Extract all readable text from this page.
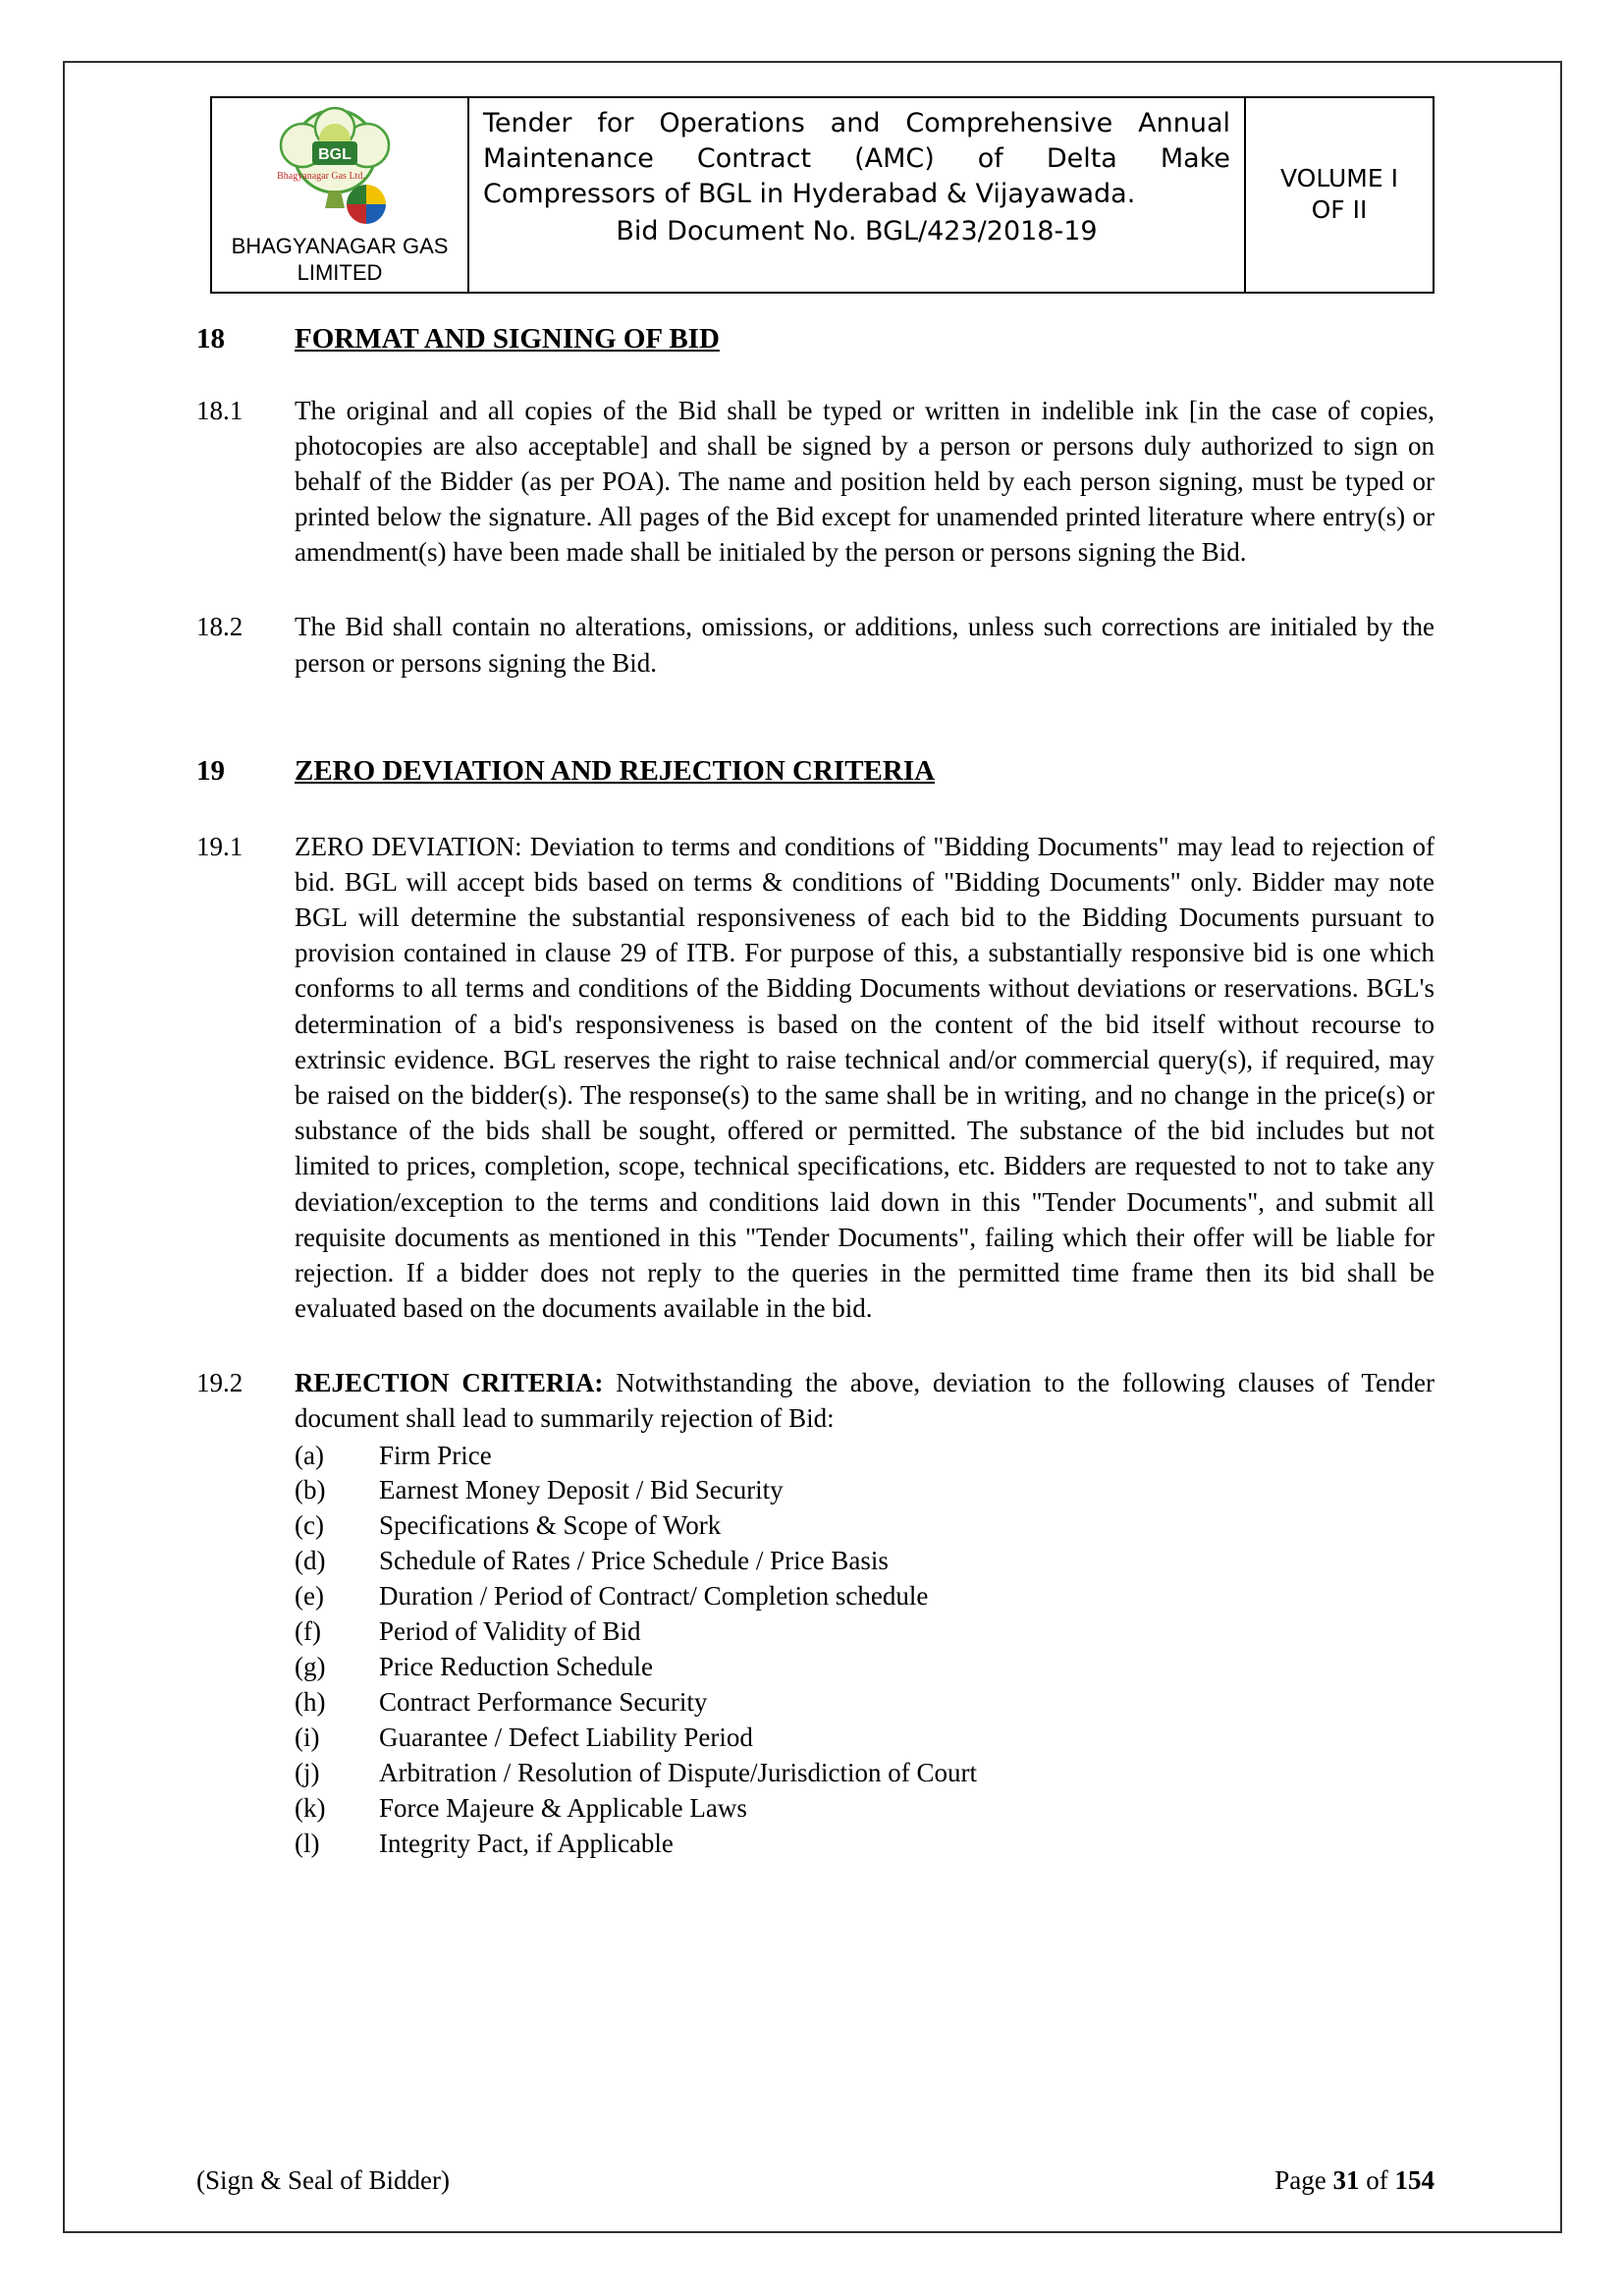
BGL
Bhagyanagar Gas Ltd.
BHAGYANAGAR GAS
LIMITED
Tender for Operations and Comprehensive Annual Maintenance Contract (AMC) of Delta Make Compressors of BGL in Hyderabad & Vijayawada.
Bid Document No. BGL/423/2018-19
VOLUME I
OF II
18	FORMAT AND SIGNING OF BID
18.1	The original and all copies of the Bid shall be typed or written in indelible ink [in the case of copies, photocopies are also acceptable] and shall be signed by a person or persons duly authorized to sign on behalf of the Bidder (as per POA). The name and position held by each person signing, must be typed or printed below the signature. All pages of the Bid except for unamended printed literature where entry(s) or amendment(s) have been made shall be initialed by the person or persons signing the Bid.
18.2	The Bid shall contain no alterations, omissions, or additions, unless such corrections are initialed by the person or persons signing the Bid.
19	ZERO DEVIATION AND REJECTION CRITERIA
19.1	ZERO DEVIATION: Deviation to terms and conditions of "Bidding Documents" may lead to rejection of bid. BGL will accept bids based on terms & conditions of "Bidding Documents" only. Bidder may note BGL will determine the substantial responsiveness of each bid to the Bidding Documents pursuant to provision contained in clause 29 of ITB. For purpose of this, a substantially responsive bid is one which conforms to all terms and conditions of the Bidding Documents without deviations or reservations. BGL's determination of a bid's responsiveness is based on the content of the bid itself without recourse to extrinsic evidence. BGL reserves the right to raise technical and/or commercial query(s), if required, may be raised on the bidder(s). The response(s) to the same shall be in writing, and no change in the price(s) or substance of the bids shall be sought, offered or permitted. The substance of the bid includes but not limited to prices, completion, scope, technical specifications, etc. Bidders are requested to not to take any deviation/exception to the terms and conditions laid down in this "Tender Documents", and submit all requisite documents as mentioned in this "Tender Documents", failing which their offer will be liable for rejection. If a bidder does not reply to the queries in the permitted time frame then its bid shall be evaluated based on the documents available in the bid.
19.2	REJECTION CRITERIA: Notwithstanding the above, deviation to the following clauses of Tender document shall lead to summarily rejection of Bid:
(a)	Firm Price
(b)	Earnest Money Deposit / Bid Security
(c)	Specifications & Scope of Work
(d)	Schedule of Rates / Price Schedule / Price Basis
(e)	Duration / Period of Contract/ Completion schedule
(f)	Period of Validity of Bid
(g)	Price Reduction Schedule
(h)	Contract Performance Security
(i)	Guarantee / Defect Liability Period
(j)	Arbitration / Resolution of Dispute/Jurisdiction of Court
(k)	Force Majeure & Applicable Laws
(l)	Integrity Pact, if Applicable
(Sign & Seal of Bidder)	Page 31 of 154
